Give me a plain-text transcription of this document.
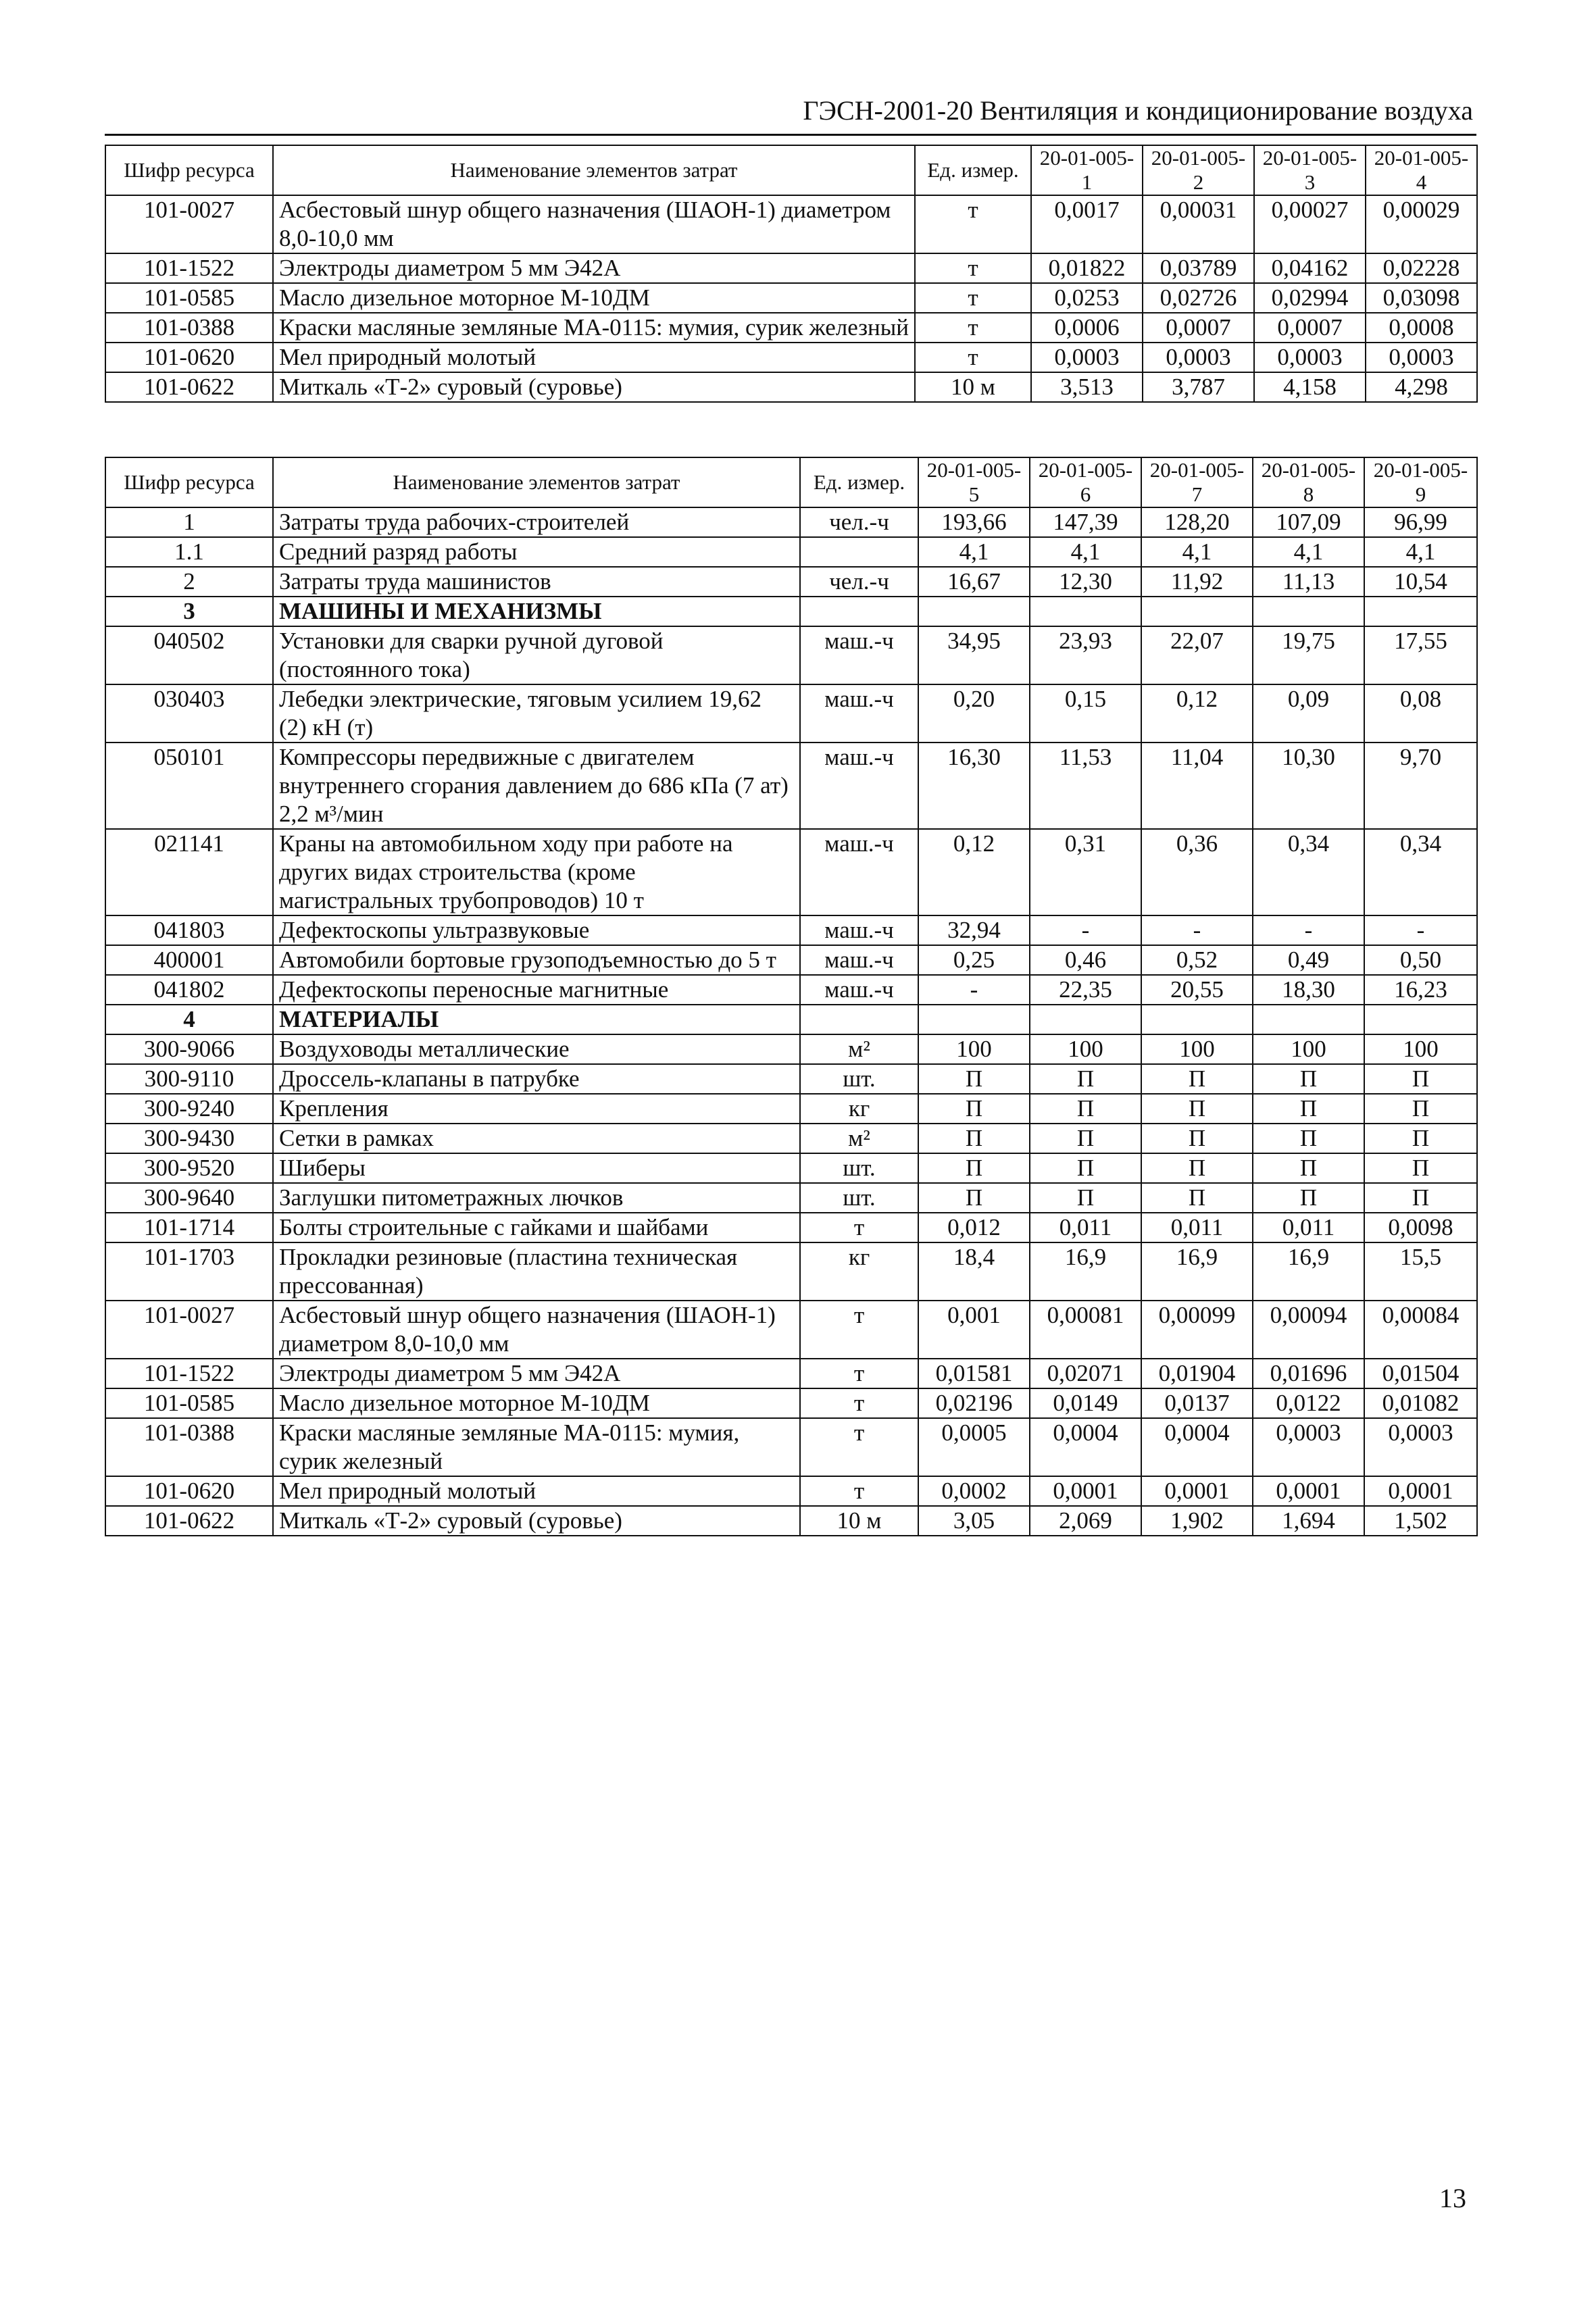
ГЭСН-2001-20 Вентиляция и кондиционирование воздуха
Шифр ресурса	Наименование элементов затрат	Ед. измер.	20-01-005-1	20-01-005-2	20-01-005-3	20-01-005-4
101-0027	Асбестовый шнур общего назначения (ШАОН-1) диаметром 8,0-10,0 мм	т	0,0017	0,00031	0,00027	0,00029
101-1522	Электроды диаметром 5 мм Э42А	т	0,01822	0,03789	0,04162	0,02228
101-0585	Масло дизельное моторное М-10ДМ	т	0,0253	0,02726	0,02994	0,03098
101-0388	Краски масляные земляные МА-0115: мумия, сурик железный	т	0,0006	0,0007	0,0007	0,0008
101-0620	Мел природный молотый	т	0,0003	0,0003	0,0003	0,0003
101-0622	Миткаль «Т-2» суровый (суровье)	10 м	3,513	3,787	4,158	4,298
Шифр ресурса	Наименование элементов затрат	Ед. измер.	20-01-005-5	20-01-005-6	20-01-005-7	20-01-005-8	20-01-005-9
1	Затраты труда рабочих-строителей	чел.-ч	193,66	147,39	128,20	107,09	96,99
1.1	Средний разряд работы		4,1	4,1	4,1	4,1	4,1
2	Затраты труда машинистов	чел.-ч	16,67	12,30	11,92	11,13	10,54
3	МАШИНЫ И МЕХАНИЗМЫ						
040502	Установки для сварки ручной дуговой (постоянного тока)	маш.-ч	34,95	23,93	22,07	19,75	17,55
030403	Лебедки электрические, тяговым усилием 19,62 (2) кН (т)	маш.-ч	0,20	0,15	0,12	0,09	0,08
050101	Компрессоры передвижные с двигателем внутреннего сгорания давлением до 686 кПа (7 ат) 2,2 м³/мин	маш.-ч	16,30	11,53	11,04	10,30	9,70
021141	Краны на автомобильном ходу при работе на других видах строительства (кроме магистральных трубопроводов) 10 т	маш.-ч	0,12	0,31	0,36	0,34	0,34
041803	Дефектоскопы ультразвуковые	маш.-ч	32,94	-	-	-	-
400001	Автомобили бортовые грузоподъемностью до 5 т	маш.-ч	0,25	0,46	0,52	0,49	0,50
041802	Дефектоскопы переносные магнитные	маш.-ч	-	22,35	20,55	18,30	16,23
4	МАТЕРИАЛЫ						
300-9066	Воздуховоды металлические	м²	100	100	100	100	100
300-9110	Дроссель-клапаны в патрубке	шт.	П	П	П	П	П
300-9240	Крепления	кг	П	П	П	П	П
300-9430	Сетки в рамках	м²	П	П	П	П	П
300-9520	Шиберы	шт.	П	П	П	П	П
300-9640	Заглушки питометражных лючков	шт.	П	П	П	П	П
101-1714	Болты строительные с гайками и шайбами	т	0,012	0,011	0,011	0,011	0,0098
101-1703	Прокладки резиновые (пластина техническая прессованная)	кг	18,4	16,9	16,9	16,9	15,5
101-0027	Асбестовый шнур общего назначения (ШАОН-1) диаметром 8,0-10,0 мм	т	0,001	0,00081	0,00099	0,00094	0,00084
101-1522	Электроды диаметром 5 мм Э42А	т	0,01581	0,02071	0,01904	0,01696	0,01504
101-0585	Масло дизельное моторное М-10ДМ	т	0,02196	0,0149	0,0137	0,0122	0,01082
101-0388	Краски масляные земляные МА-0115: мумия, сурик железный	т	0,0005	0,0004	0,0004	0,0003	0,0003
101-0620	Мел природный молотый	т	0,0002	0,0001	0,0001	0,0001	0,0001
101-0622	Миткаль «Т-2» суровый (суровье)	10 м	3,05	2,069	1,902	1,694	1,502
13
